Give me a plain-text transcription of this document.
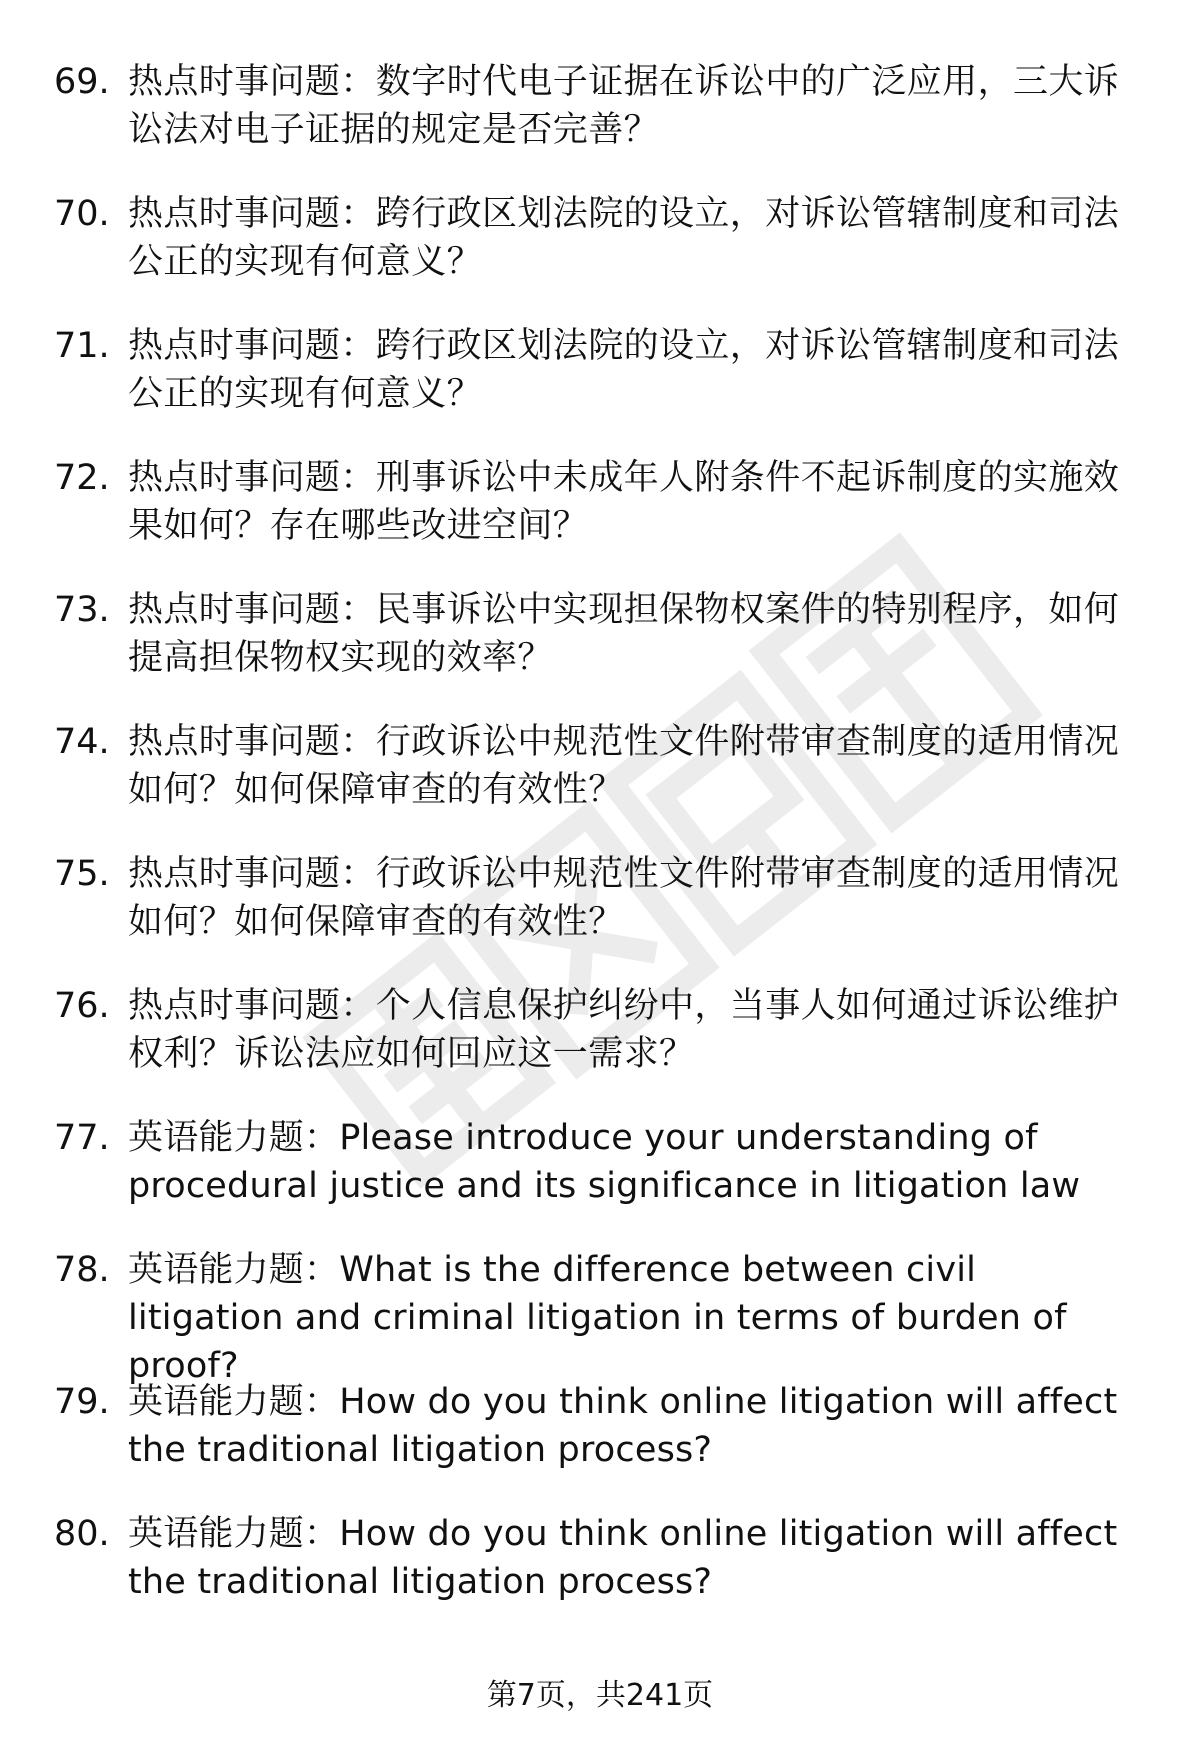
69. 热点时事问题：数字时代电子证据在诉讼中的广泛应用，三大诉讼法对电子证据的规定是否完善？
70. 热点时事问题：跨行政区划法院的设立，对诉讼管辖制度和司法公正的实现有何意义？
71. 热点时事问题：跨行政区划法院的设立，对诉讼管辖制度和司法公正的实现有何意义？
72. 热点时事问题：刑事诉讼中未成年人附条件不起诉制度的实施效果如何？存在哪些改进空间？
73. 热点时事问题：民事诉讼中实现担保物权案件的特别程序，如何提高担保物权实现的效率？
74. 热点时事问题：行政诉讼中规范性文件附带审查制度的适用情况如何？如何保障审查的有效性？
75. 热点时事问题：行政诉讼中规范性文件附带审查制度的适用情况如何？如何保障审查的有效性？
76. 热点时事问题：个人信息保护纠纷中，当事人如何通过诉讼维护权利？诉讼法应如何回应这一需求？
77. 英语能力题：Please introduce your understanding of procedural justice and its significance in litigation law
78. 英语能力题：What is the difference between civil litigation and criminal litigation in terms of burden of proof?
79. 英语能力题：How do you think online litigation will affect the traditional litigation process?
80. 英语能力题：How do you think online litigation will affect the traditional litigation process?
第7页，共241页
